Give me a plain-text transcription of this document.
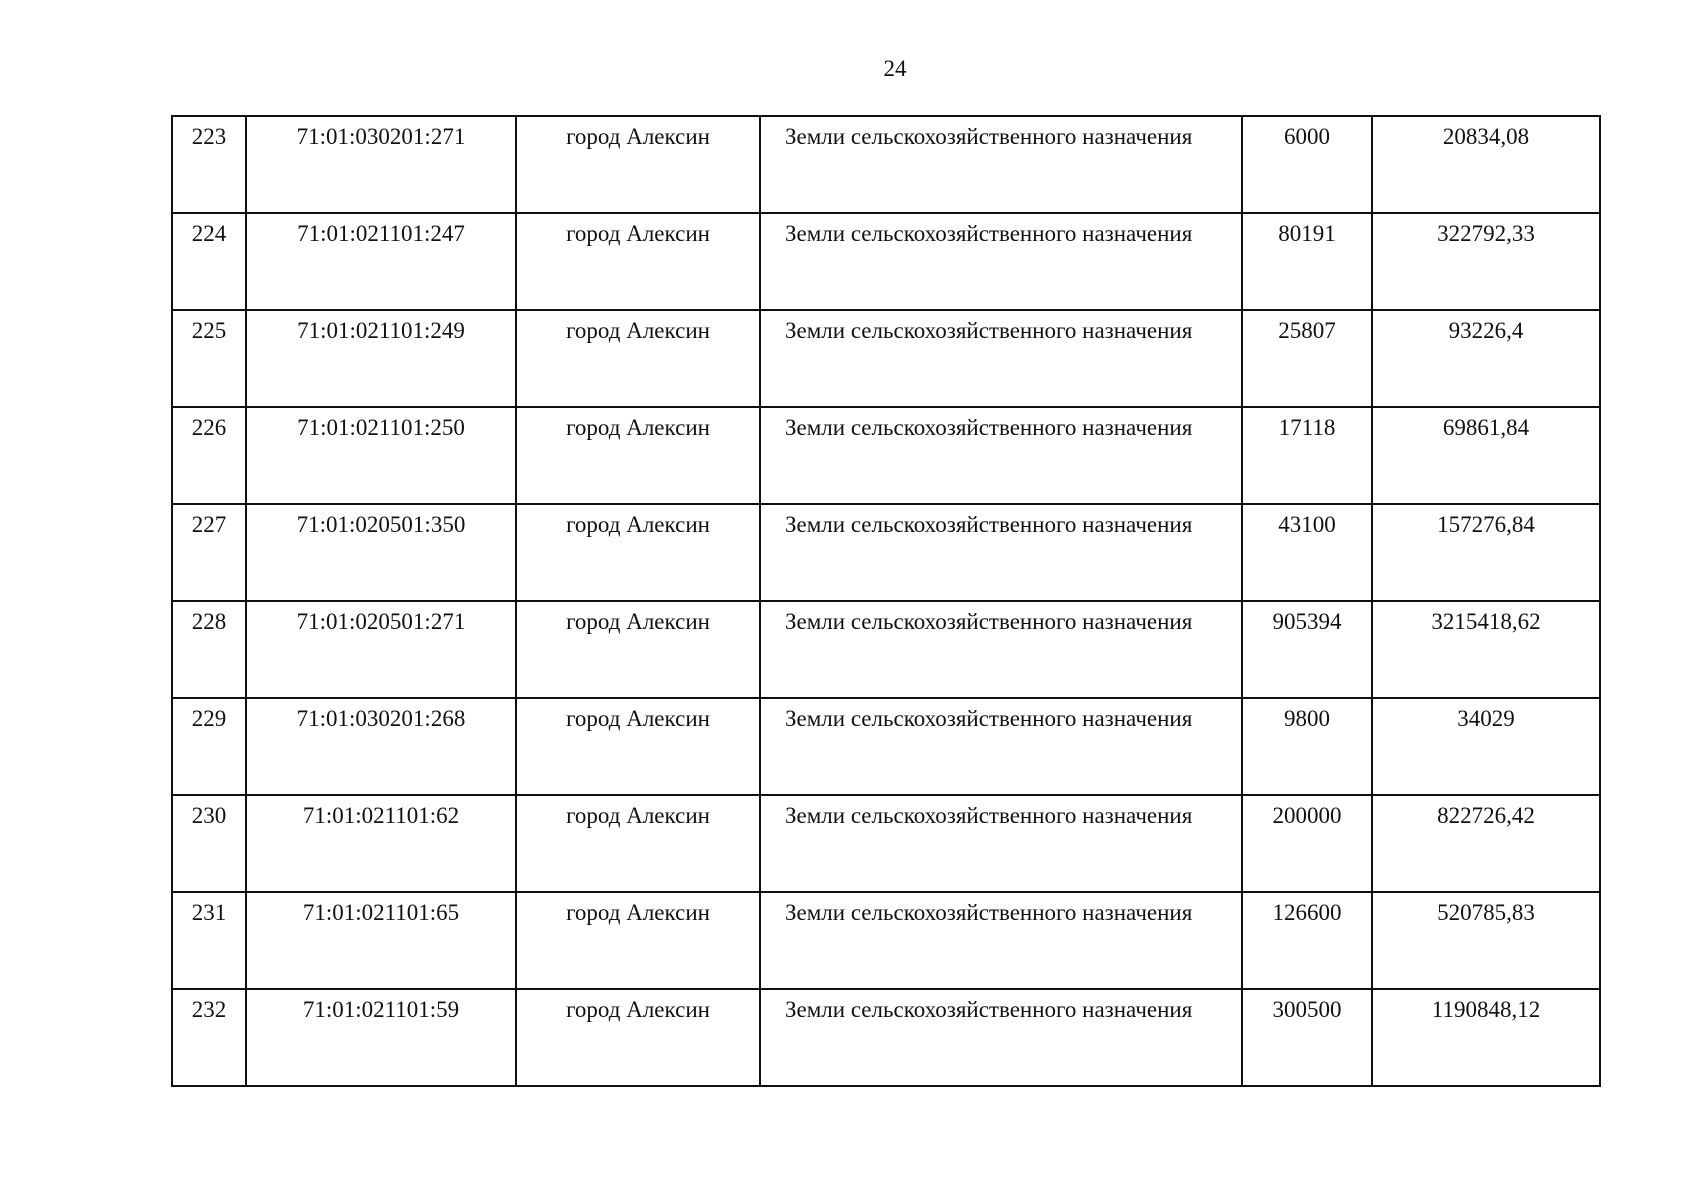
24
223	71:01:030201:271	город Алексин	Земли сельскохозяйственного назначения	6000	20834,08
224	71:01:021101:247	город Алексин	Земли сельскохозяйственного назначения	80191	322792,33
225	71:01:021101:249	город Алексин	Земли сельскохозяйственного назначения	25807	93226,4
226	71:01:021101:250	город Алексин	Земли сельскохозяйственного назначения	17118	69861,84
227	71:01:020501:350	город Алексин	Земли сельскохозяйственного назначения	43100	157276,84
228	71:01:020501:271	город Алексин	Земли сельскохозяйственного назначения	905394	3215418,62
229	71:01:030201:268	город Алексин	Земли сельскохозяйственного назначения	9800	34029
230	71:01:021101:62	город Алексин	Земли сельскохозяйственного назначения	200000	822726,42
231	71:01:021101:65	город Алексин	Земли сельскохозяйственного назначения	126600	520785,83
232	71:01:021101:59	город Алексин	Земли сельскохозяйственного назначения	300500	1190848,12
